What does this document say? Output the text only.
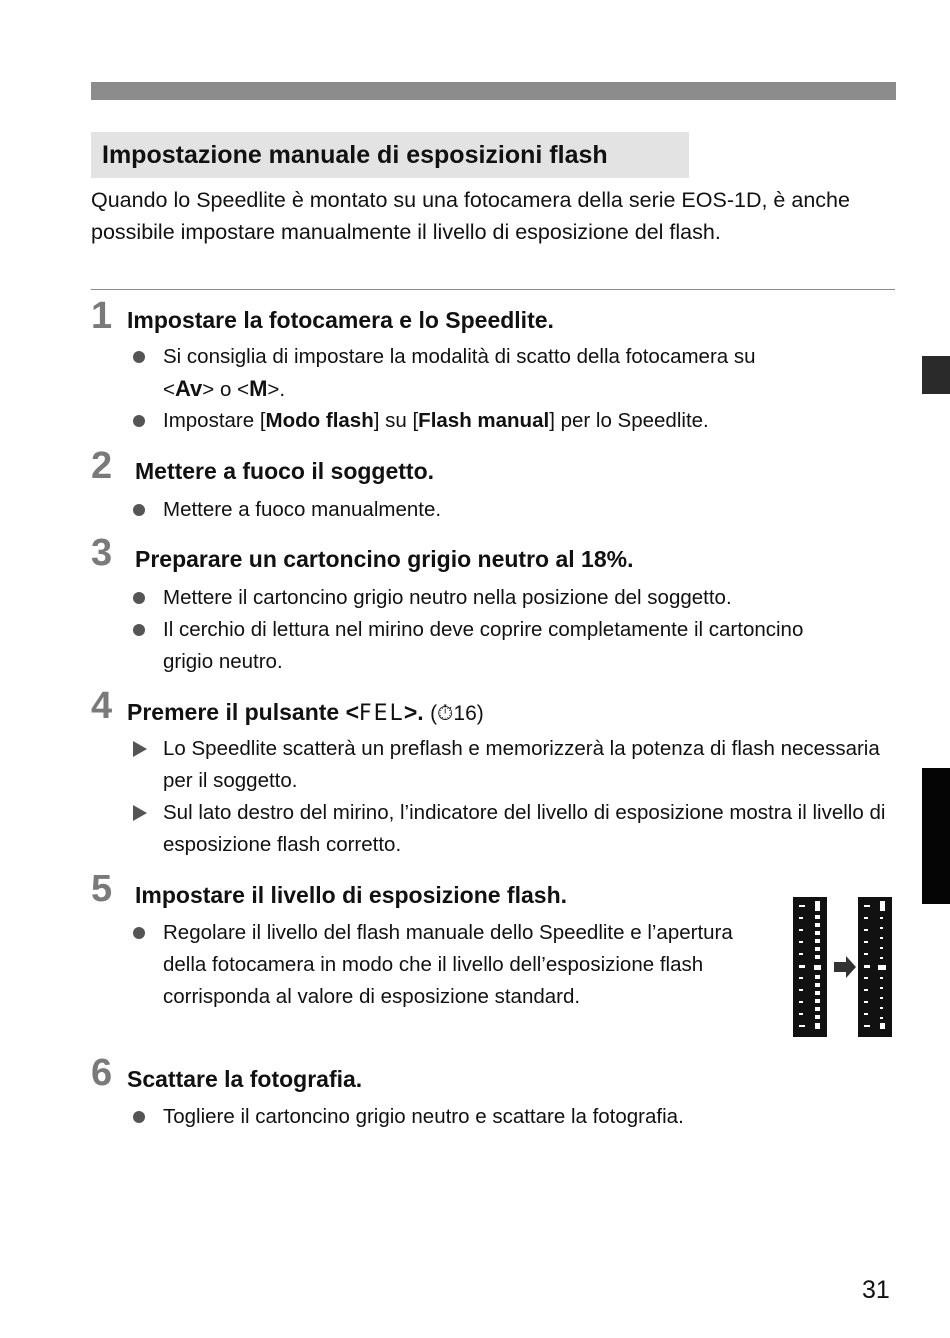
Impostazione manuale di esposizioni flash

Quando lo Speedlite è montato su una fotocamera della serie EOS-1D, è anche possibile impostare manualmente il livello di esposizione del flash.

1 Impostare la fotocamera e lo Speedlite.
Si consiglia di impostare la modalità di scatto della fotocamera su
<Av> o <M>.
Impostare [Modo flash] su [Flash manual] per lo Speedlite.
2 Mettere a fuoco il soggetto.
Mettere a fuoco manualmente.
3 Preparare un cartoncino grigio neutro al 18%.
Mettere il cartoncino grigio neutro nella posizione del soggetto.
Il cerchio di lettura nel mirino deve coprire completamente il cartoncino grigio neutro.
4 Premere il pulsante <FEL>. (⏱16)
Lo Speedlite scatterà un preflash e memorizzerà la potenza di flash necessaria per il soggetto.
Sul lato destro del mirino, l’indicatore del livello di esposizione mostra il livello di esposizione flash corretto.
5 Impostare il livello di esposizione flash.
Regolare il livello del flash manuale dello Speedlite e l’apertura della fotocamera in modo che il livello dell’esposizione flash corrisponda al valore di esposizione standard.
6 Scattare la fotografia.
Togliere il cartoncino grigio neutro e scattare la fotografia.
31
